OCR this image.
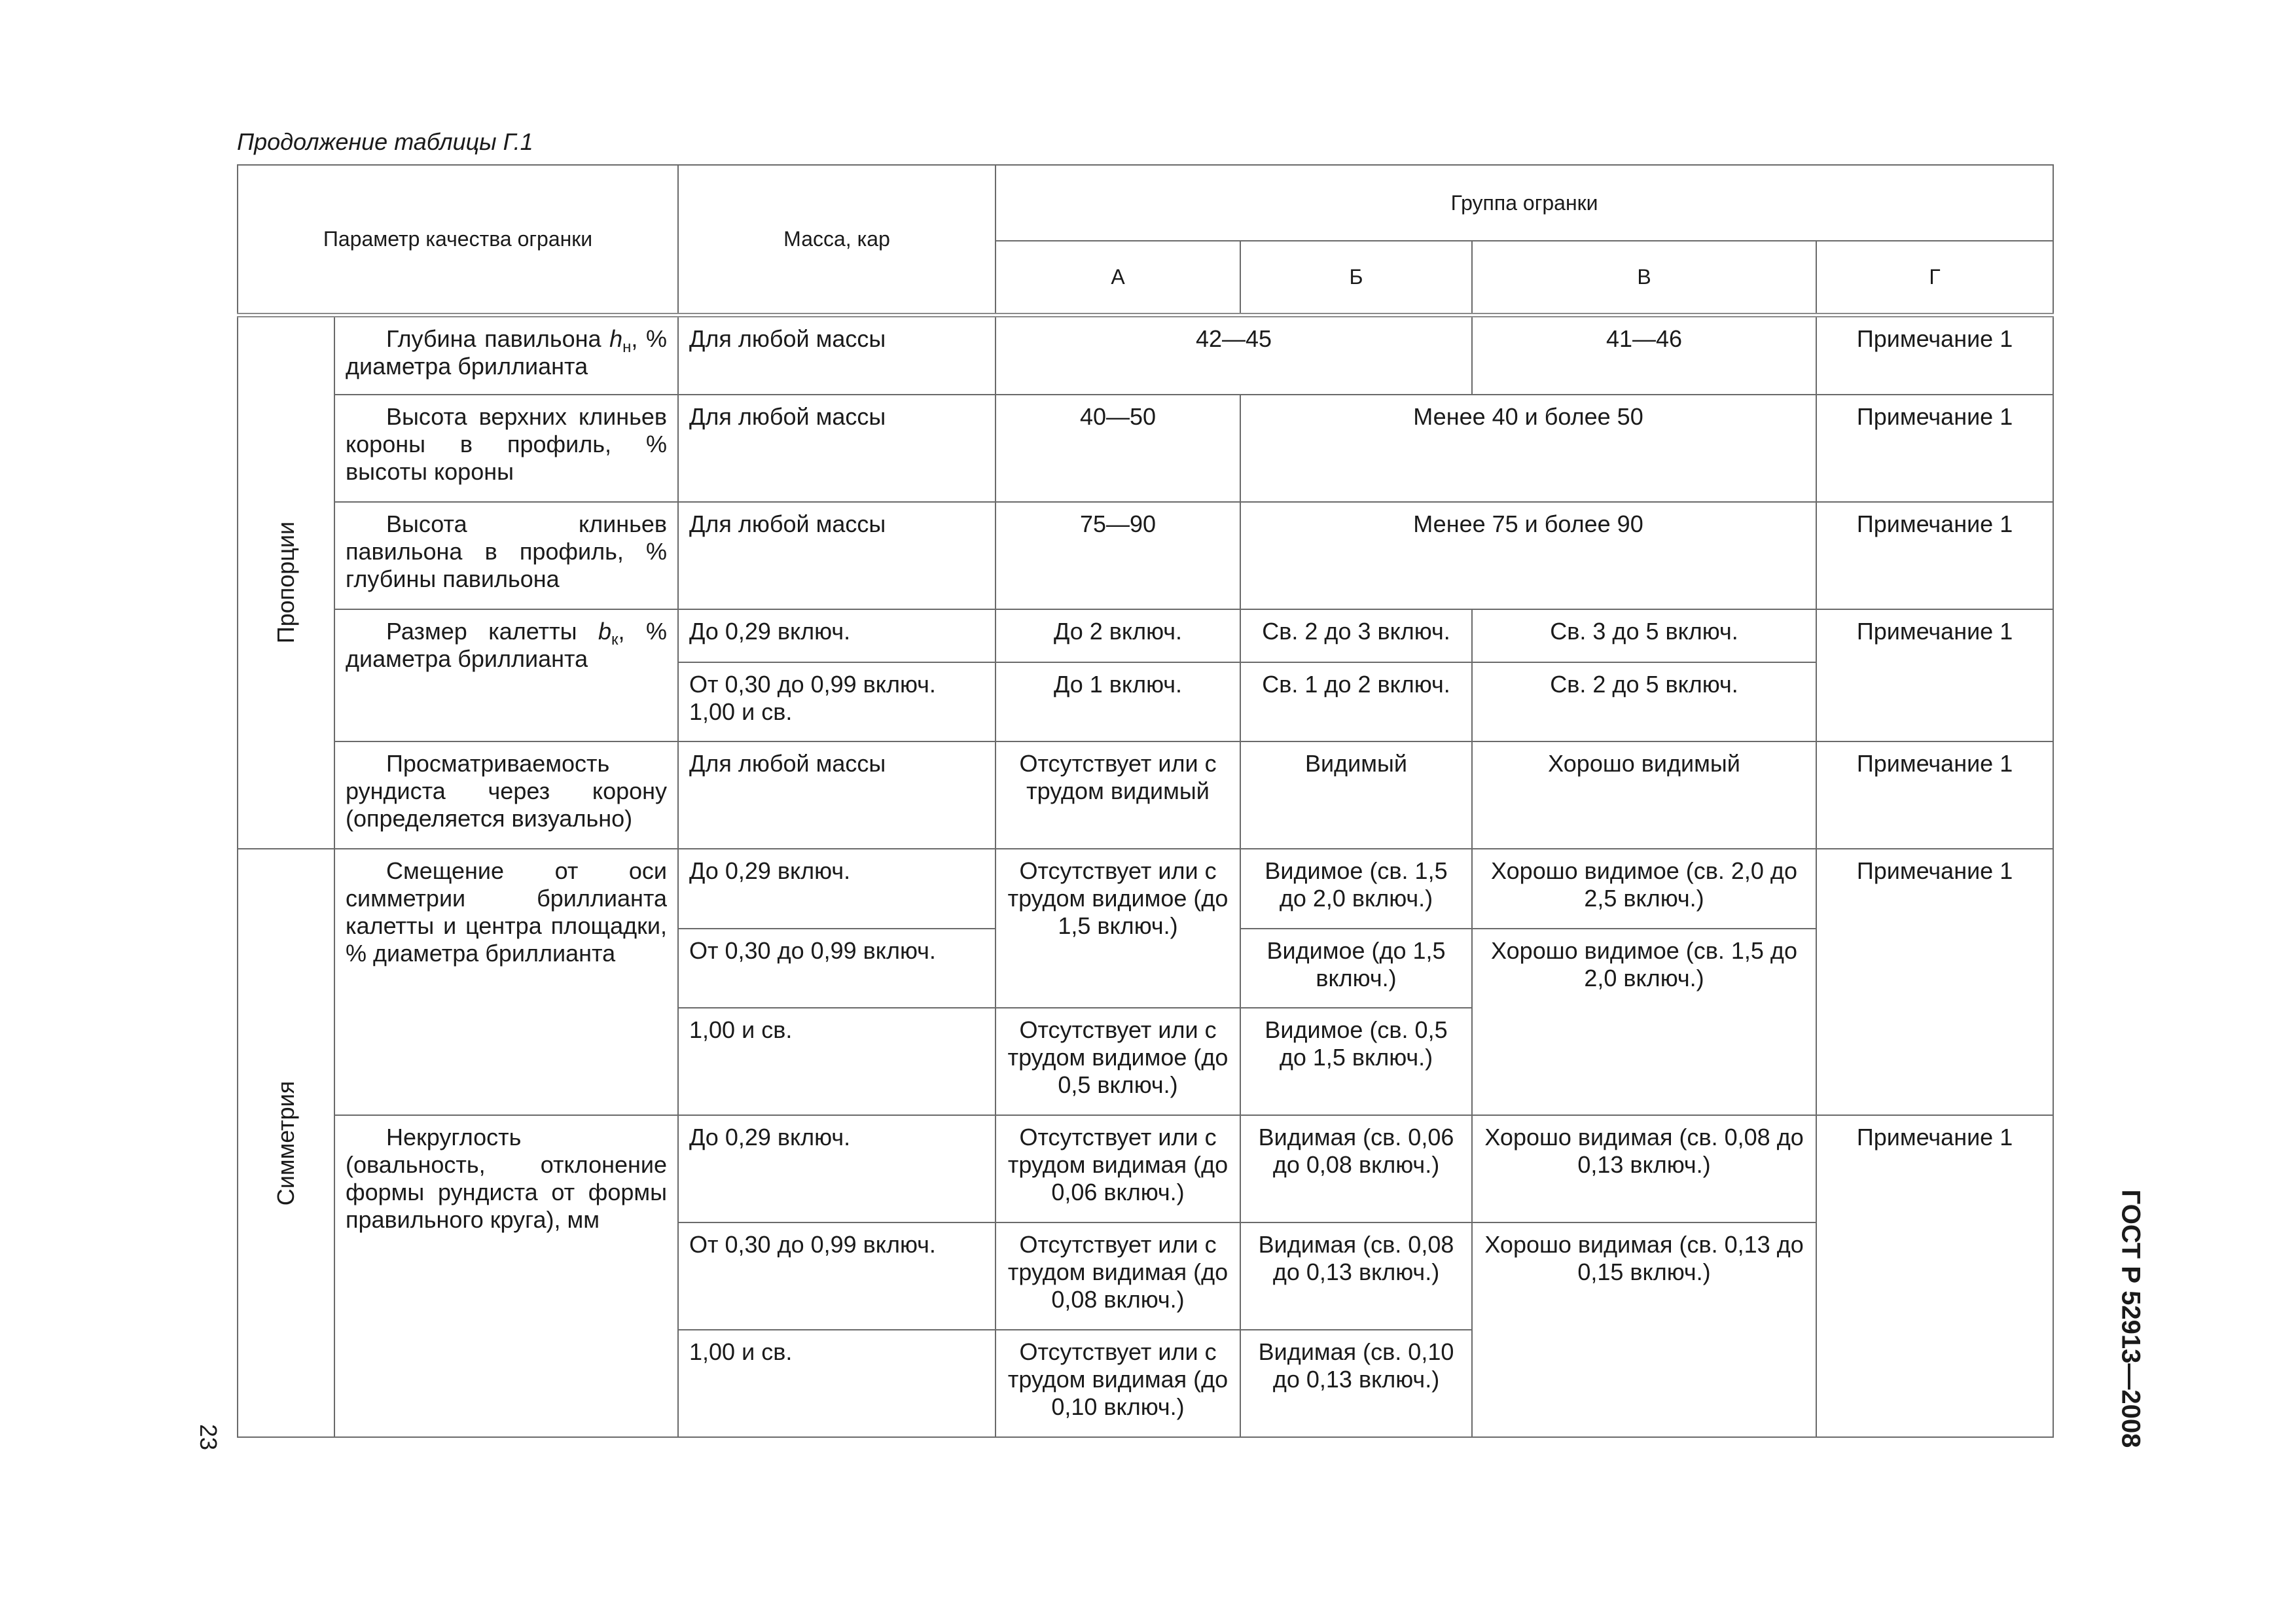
Продолжение таблицы Г.1
Параметр качества огранки		Масса, кар	Группа огранки			
			А	Б	В	Г

Пропорции	Глубина павильона $h_н$, % диаметра бриллианта	Для любой массы	42—45		41—46	Примечание 1
	Высота верхних клиньев короны в профиль, % высоты короны	Для любой массы	40—50	Менее 40 и более 50		Примечание 1
	Высота клиньев павильона в профиль, % глубины павильона	Для любой массы	75—90	Менее 75 и более 90		Примечание 1
	Размер калетты $b_к$, % диаметра бриллианта	До 0,29 включ.	До 2 включ.	Св. 2 до 3 включ.	Св. 3 до 5 включ.	Примечание 1
		От 0,30 до 0,99 включ. 1,00 и св.	До 1 включ.	Св. 1 до 2 включ.	Св. 2 до 5 включ.	
	Просматриваемость рундиста через корону (определяется визуально)	Для любой массы	Отсутствует или с трудом видимый	Видимый	Хорошо видимый	Примечание 1

Симметрия	Смещение от оси симметрии бриллианта калетты и центра площадки, % диаметра бриллианта	До 0,29 включ.	Отсутствует или с трудом видимое (до 1,5 включ.)	Видимое (св. 1,5 до 2,0 включ.)	Хорошо видимое (св. 2,0 до 2,5 включ.)	Примечание 1
		От 0,30 до 0,99 включ.		Видимое (до 1,5 включ.)	Хорошо видимое (св. 1,5 до 2,0 включ.)	
		1,00 и св.	Отсутствует или с трудом видимое (до 0,5 включ.)	Видимое (св. 0,5 до 1,5 включ.)		
	Некруглость (овальность, отклонение формы рундиста от формы правильного круга), мм	До 0,29 включ.	Отсутствует или с трудом видимая (до 0,06 включ.)	Видимая (св. 0,06 до 0,08 включ.)	Хорошо видимая (св. 0,08 до 0,13 включ.)	Примечание 1
		От 0,30 до 0,99 включ.	Отсутствует или с трудом видимая (до 0,08 включ.)	Видимая (св. 0,08 до 0,13 включ.)	Хорошо видимая (св. 0,13 до 0,15 включ.)	
		1,00 и св.	Отсутствует или с трудом видимая (до 0,10 включ.)	Видимая (св. 0,10 до 0,13 включ.)		
23	ГОСТ Р 52913—2008
